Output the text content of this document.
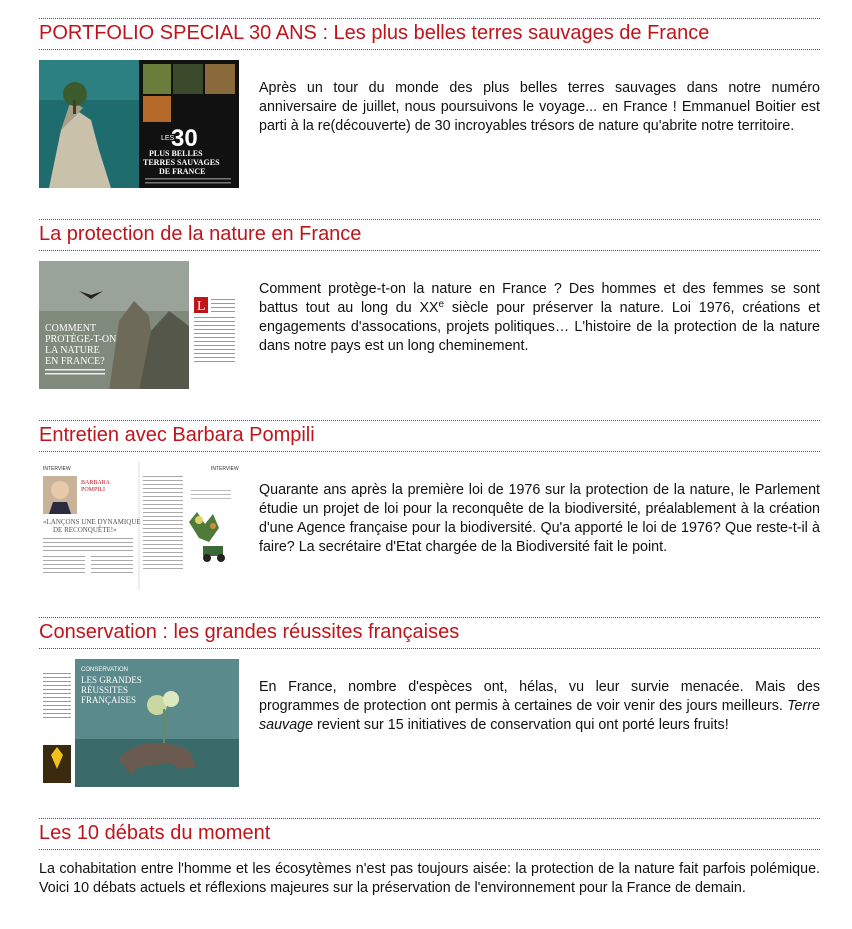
PORTFOLIO SPECIAL 30 ANS : Les plus belles terres sauvages de France
LES
30
PLUS BELLES
TERRES SAUVAGES
DE FRANCE
Après un tour du monde des plus belles terres sauvages dans notre numéro anniversaire de juillet, nous poursuivons le voyage... en France ! Emmanuel Boitier est parti à la re(découverte) de 30 incroyables trésors de nature qu'abrite notre territoire.
La protection de la nature en France
L
COMMENT
PROTÈGE-T-ON
LA NATURE
EN FRANCE?
Comment protège-t-on la nature en France ? Des hommes et des femmes se sont battus tout au long du XXe siècle pour préserver la nature. Loi 1976, créations et engagements d'assocations, projets politiques… L'histoire de la protection de la nature dans notre pays est un long cheminement.
Entretien avec Barbara Pompili
INTERVIEW	INTERVIEW
BARBARA
POMPILI
«LANÇONS UNE DYNAMIQUE
DE RECONQUÊTE!»
Quarante ans après la première loi de 1976 sur la protection de la nature, le Parlement étudie un projet de loi pour la reconquête de la biodiversité, préalablement à la création d'une Agence française pour la biodiversité. Qu'a apporté le loi de 1976? Que reste-t-il à faire? La secrétaire d'Etat chargée de la Biodiversité fait le point.
Conservation : les grandes réussites françaises
CONSERVATION
LES GRANDES
RÉUSSITES
FRANÇAISES
En France, nombre d'espèces ont, hélas, vu leur survie menacée. Mais des programmes de protection ont permis à certaines de voir venir des jours meilleurs. Terre sauvage revient sur 15 initiatives de conservation qui ont porté leurs fruits!
Les 10 débats du moment
La cohabitation entre l'homme et les écosytèmes n'est pas toujours aisée: la protection de la nature fait parfois polémique. Voici 10 débats actuels et réflexions majeures sur la préservation de l'environnement pour la France de demain.
